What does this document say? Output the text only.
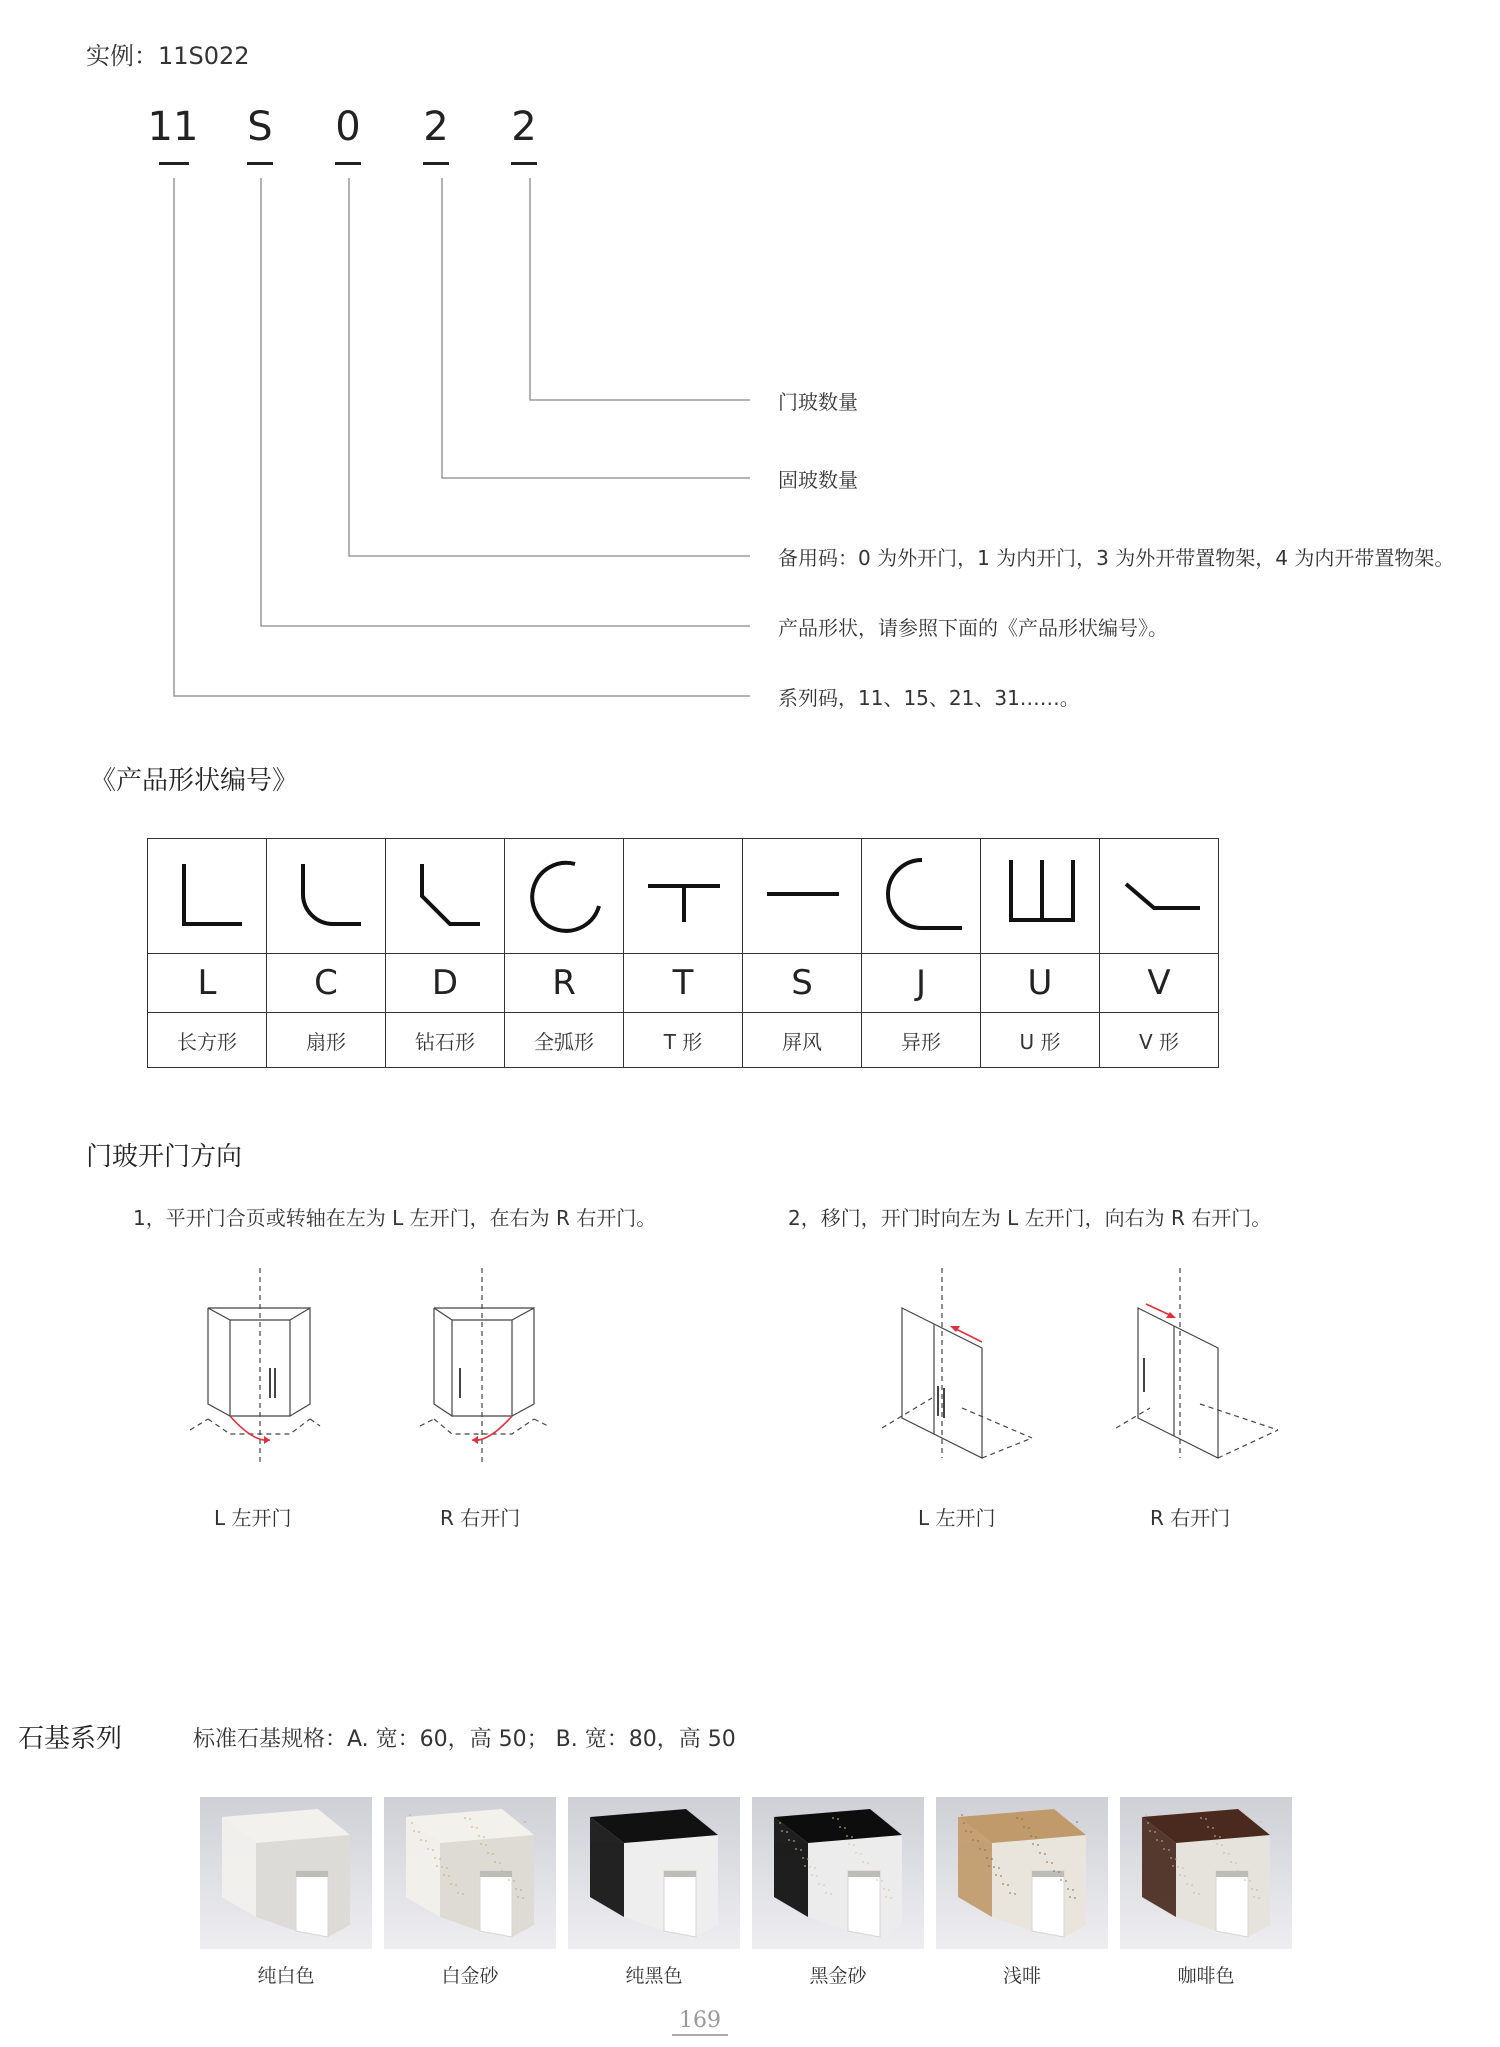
实例：11S022
11	S	0	2	2
门玻数量
固玻数量
备用码：0 为外开门，1 为内开门，3 为外开带置物架，4 为内开带置物架。
产品形状，请参照下面的《产品形状编号》。
系列码，11、15、21、31……。
《产品形状编号》

L	C	D	R	T	S	J	U	V
长方形	扇形	钻石形	全弧形	T 形	屏风	异形	U 形	V 形
门玻开门方向
1，平开门合页或转轴在左为 L 左开门，在右为 R 右开门。	2，移门，开门时向左为 L 左开门，向右为 R 右开门。
L 左开门	R 右开门	L 左开门	R 右开门
石基系列	标准石基规格：A. 宽：60，高 50； B. 宽：80，高 50
纯白色	白金砂	纯黑色	黑金砂	浅啡	咖啡色
169
